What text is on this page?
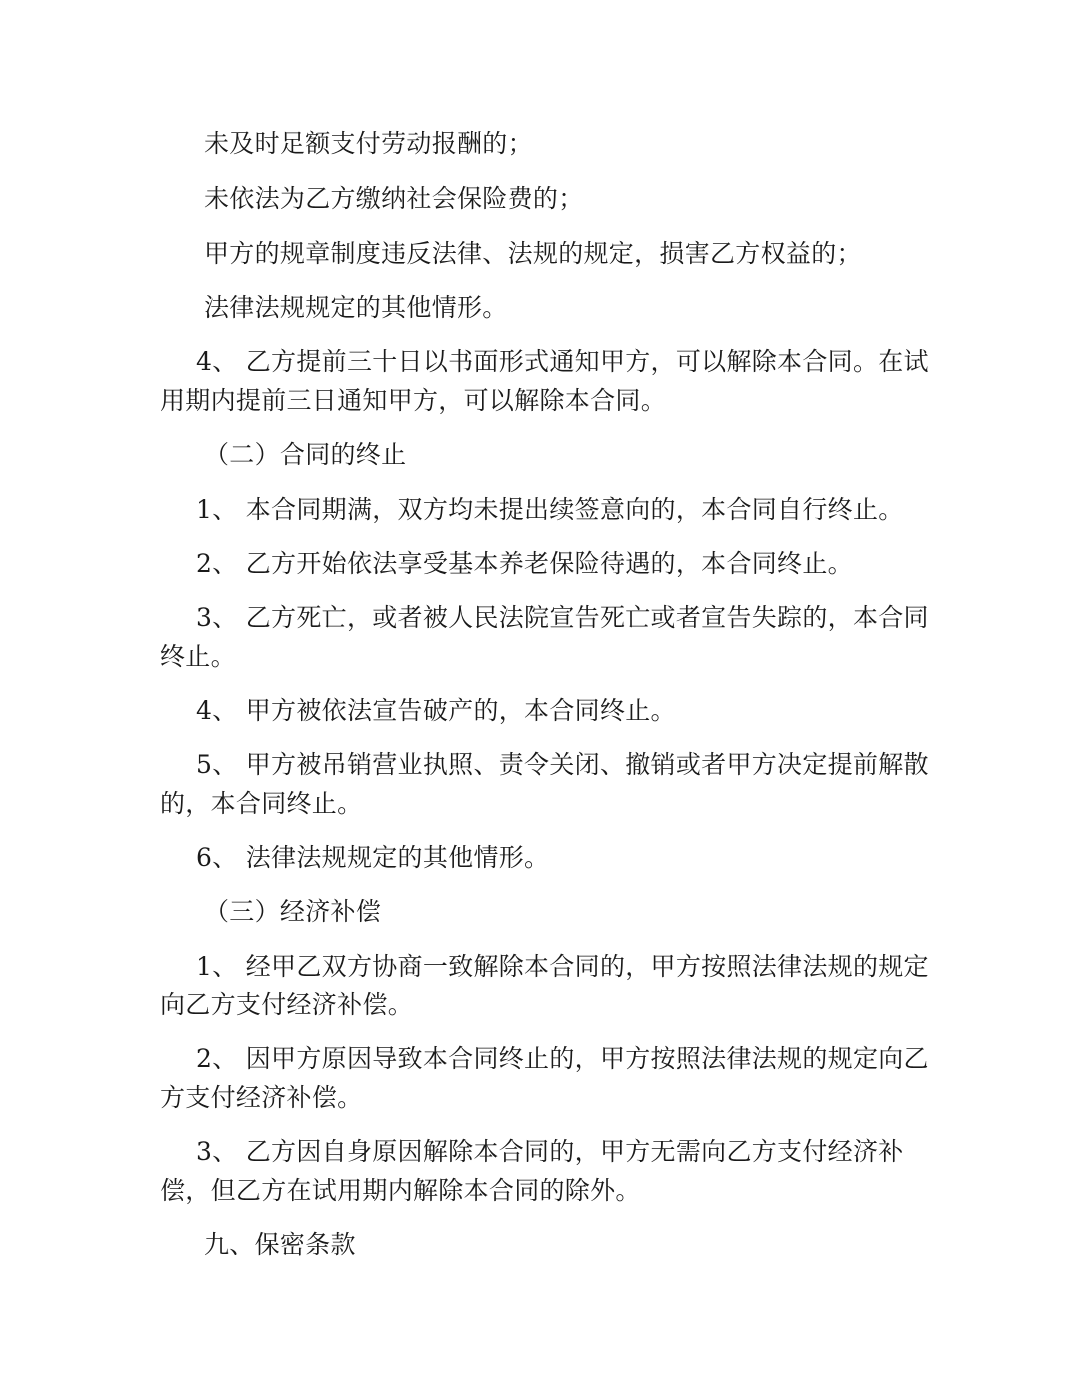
未及时足额支付劳动报酬的；
未依法为乙方缴纳社会保险费的；
甲方的规章制度违反法律、法规的规定，损害乙方权益的；
法律法规规定的其他情形。
4、 乙方提前三十日以书面形式通知甲方，可以解除本合同。在试
用期内提前三日通知甲方，可以解除本合同。
（二）合同的终止
1、 本合同期满，双方均未提出续签意向的，本合同自行终止。
2、 乙方开始依法享受基本养老保险待遇的，本合同终止。
3、 乙方死亡，或者被人民法院宣告死亡或者宣告失踪的，本合同
终止。
4、 甲方被依法宣告破产的，本合同终止。
5、 甲方被吊销营业执照、责令关闭、撤销或者甲方决定提前解散
的，本合同终止。
6、 法律法规规定的其他情形。
（三）经济补偿
1、 经甲乙双方协商一致解除本合同的，甲方按照法律法规的规定
向乙方支付经济补偿。
2、 因甲方原因导致本合同终止的，甲方按照法律法规的规定向乙
方支付经济补偿。
3、 乙方因自身原因解除本合同的，甲方无需向乙方支付经济补
偿，但乙方在试用期内解除本合同的除外。
九、保密条款
